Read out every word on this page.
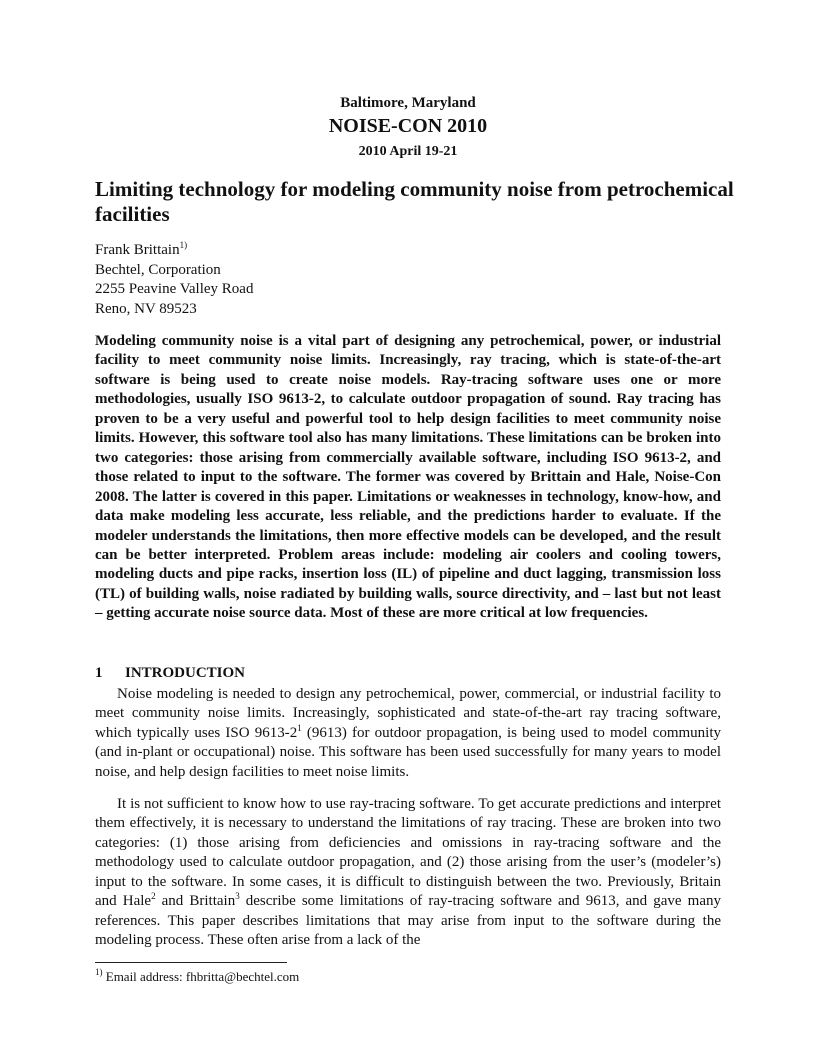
Baltimore, Maryland
NOISE-CON 2010
2010 April 19-21
Limiting technology for modeling community noise from petrochemical facilities
Frank Brittain$^{1)}$
Bechtel, Corporation
2255 Peavine Valley Road
Reno, NV 89523

Modeling community noise is a vital part of designing any petrochemical, power, or industrial facility to meet community noise limits. Increasingly, ray tracing, which is state-of-the-art software is being used to create noise models. Ray-tracing software uses one or more methodologies, usually ISO 9613-2, to calculate outdoor propagation of sound. Ray tracing has proven to be a very useful and powerful tool to help design facilities to meet community noise limits. However, this software tool also has many limitations. These limitations can be broken into two categories: those arising from commercially available software, including ISO 9613-2, and those related to input to the software. The former was covered by Brittain and Hale, Noise-Con 2008. The latter is covered in this paper. Limitations or weaknesses in technology, know-how, and data make modeling less accurate, less reliable, and the predictions harder to evaluate. If the modeler understands the limitations, then more effective models can be developed, and the result can be better interpreted. Problem areas include: modeling air coolers and cooling towers, modeling ducts and pipe racks, insertion loss (IL) of pipeline and duct lagging, transmission loss (TL) of building walls, noise radiated by building walls, source directivity, and – last but not least – getting accurate noise source data. Most of these are more critical at low frequencies.

1 INTRODUCTION

Noise modeling is needed to design any petrochemical, power, commercial, or industrial facility to meet community noise limits. Increasingly, sophisticated and state-of-the-art ray tracing software, which typically uses ISO $9613-2^1$ (9613) for outdoor propagation, is being used to model community (and in-plant or occupational) noise. This software has been used successfully for many years to model noise, and help design facilities to meet noise limits.

It is not sufficient to know how to use ray-tracing software. To get accurate predictions and interpret them effectively, it is necessary to understand the limitations of ray tracing. These are broken into two categories: (1) those arising from deficiencies and omissions in ray-tracing software and the methodology used to calculate outdoor propagation, and (2) those arising from the user’s (modeler’s) input to the software. In some cases, it is difficult to distinguish between the two. Previously, Britain and Hale$^2$ and Brittain$^3$ describe some limitations of ray-tracing software and 9613, and gave many references. This paper describes limitations that may arise from input to the software during the modeling process. These often arise from a lack of the

$^{1)}$ Email address: fhbritta@bechtel.com
